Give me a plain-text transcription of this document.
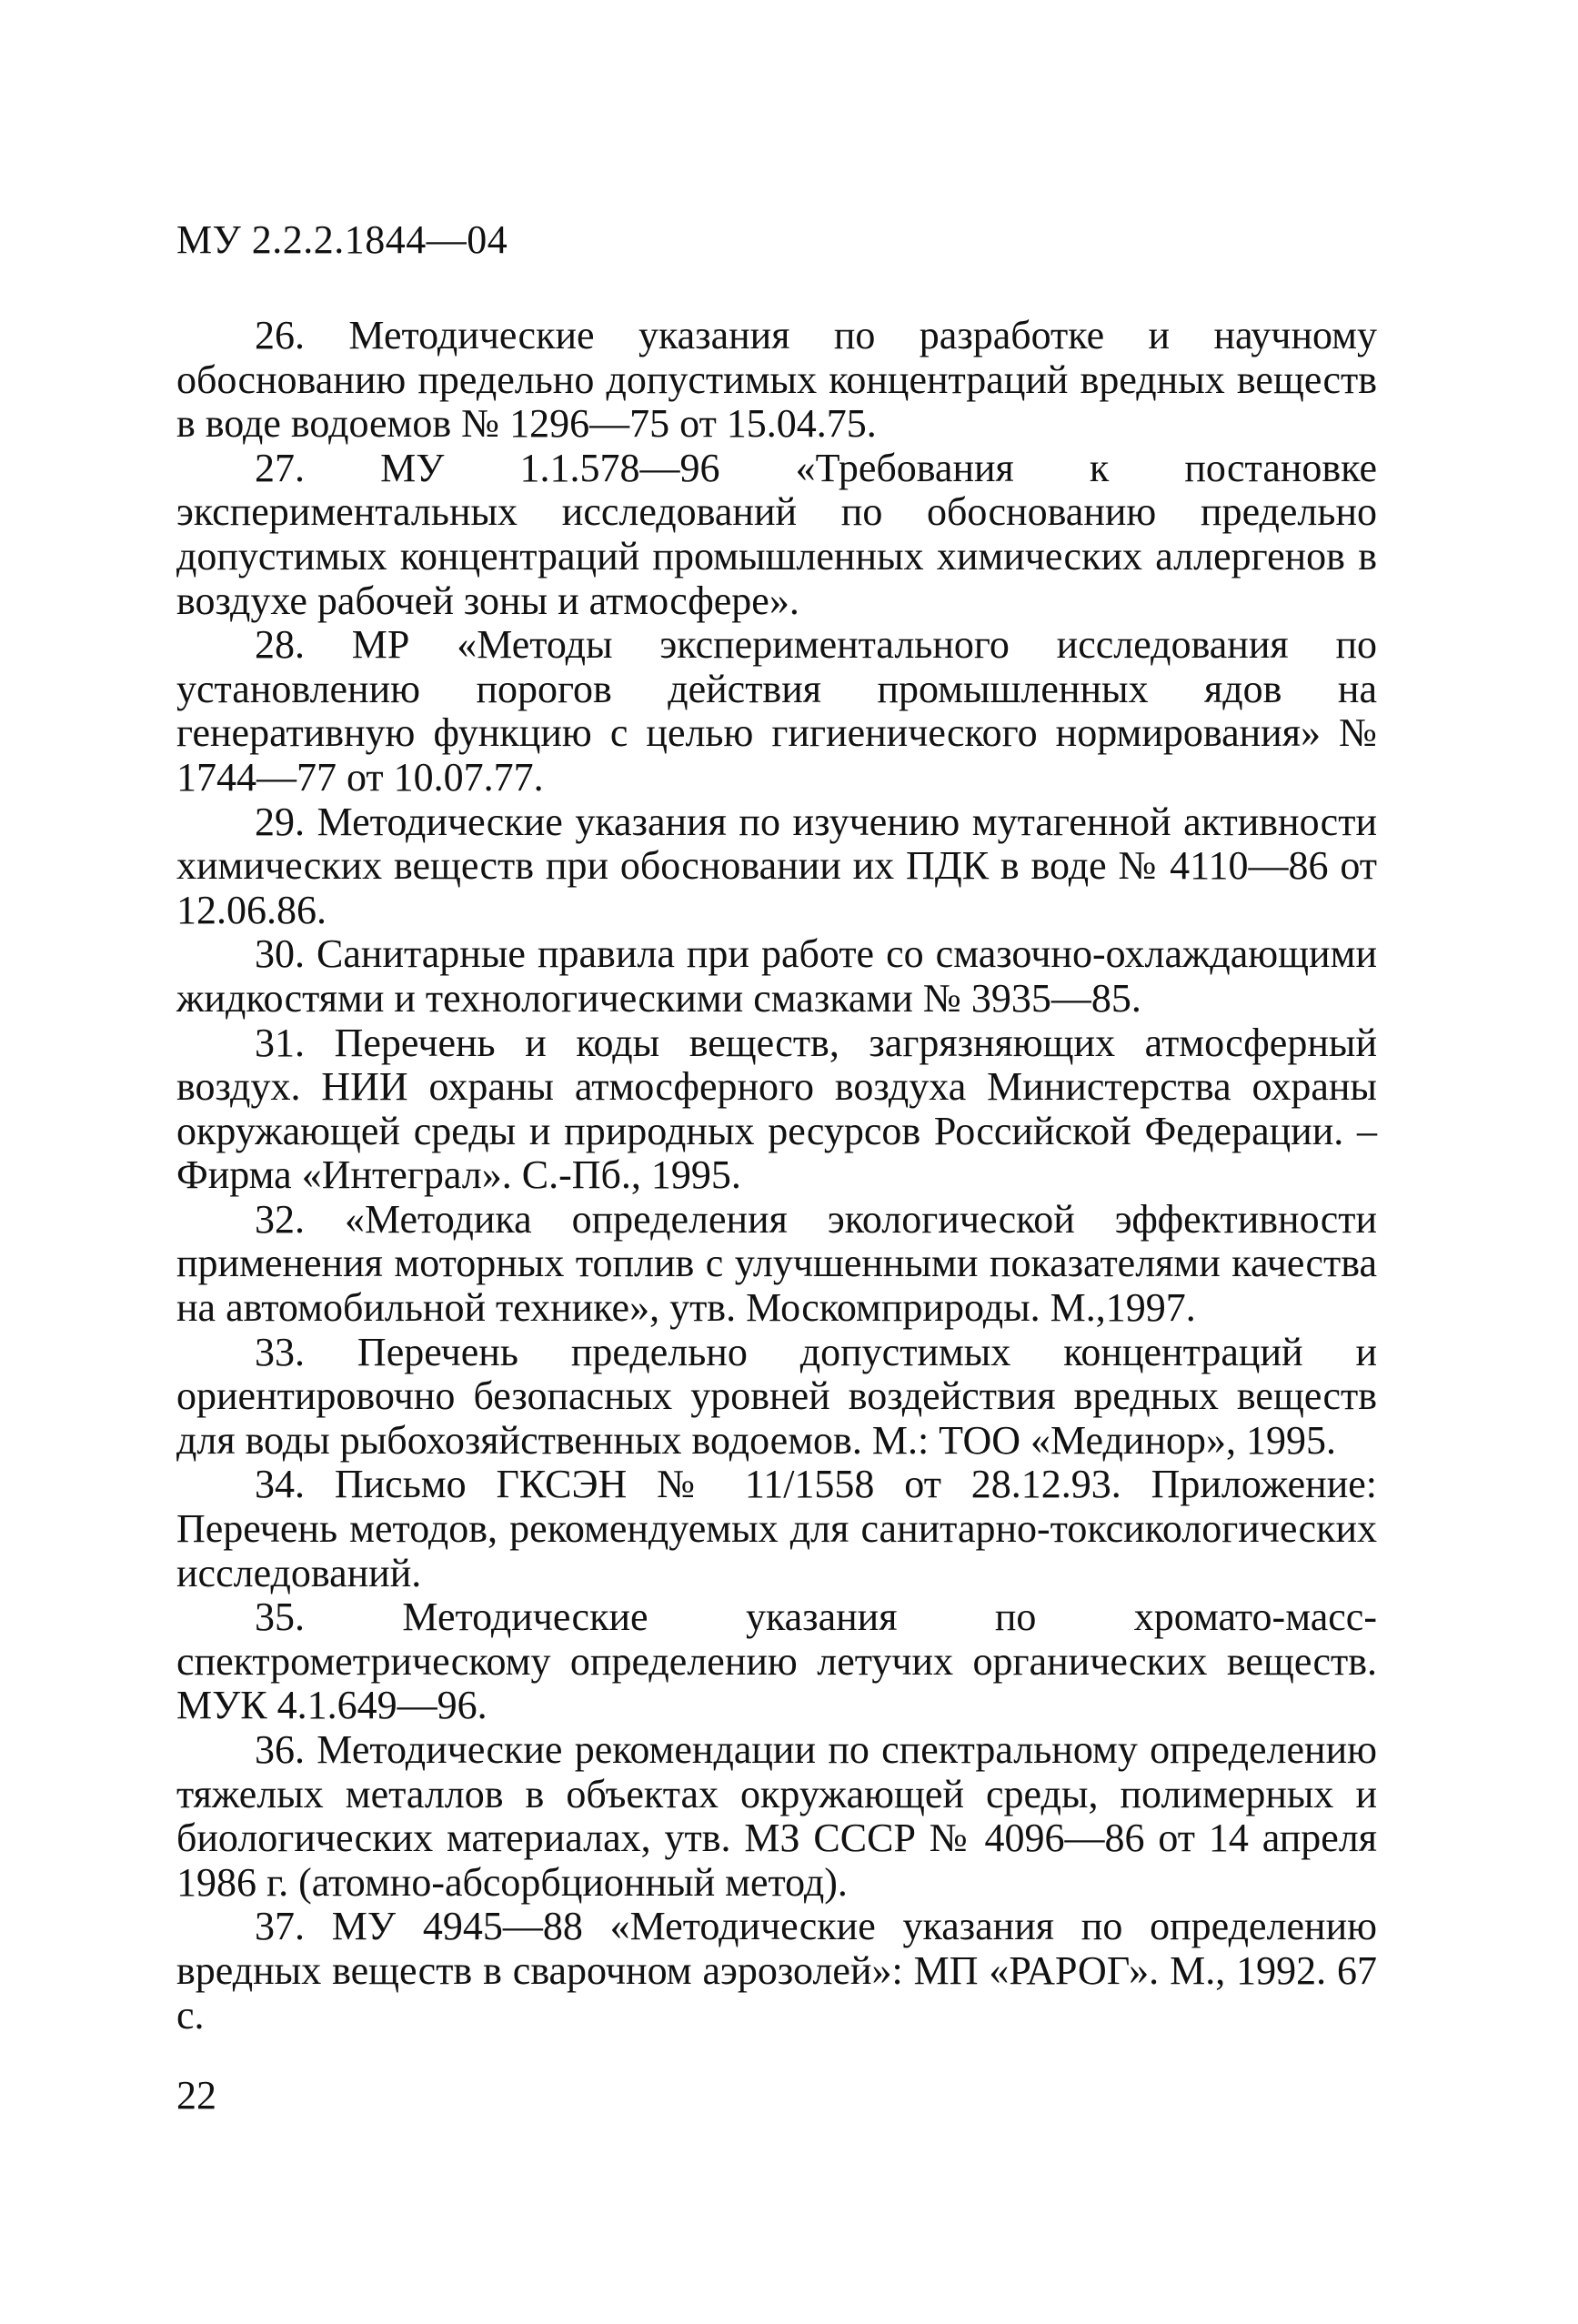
МУ 2.2.2.1844—04

26. Методические указания по разработке и научному обоснованию предельно допустимых концентраций вредных веществ в воде водоемов № 1296—75 от 15.04.75.

27. МУ 1.1.578—96 «Требования к постановке экспериментальных исследований по обоснованию предельно допустимых концентраций промышленных химических аллергенов в воздухе рабочей зоны и атмосфере».

28. МР «Методы экспериментального исследования по установлению порогов действия промышленных ядов на генеративную функцию с целью гигиенического нормирования» № 1744—77 от 10.07.77.

29. Методические указания по изучению мутагенной активности химических веществ при обосновании их ПДК в воде № 4110—86 от 12.06.86.

30. Санитарные правила при работе со смазочно-охлаждающими жидкостями и технологическими смазками № 3935—85.

31. Перечень и коды веществ, загрязняющих атмосферный воздух. НИИ охраны атмосферного воздуха Министерства охраны окружающей среды и природных ресурсов Российской Федерации. – Фирма «Интеграл». С.-Пб., 1995.

32. «Методика определения экологической эффективности применения моторных топлив с улучшенными показателями качества на автомобильной технике», утв. Москомприроды. М.,1997.

33. Перечень предельно допустимых концентраций и ориентировочно безопасных уровней воздействия вредных веществ для воды рыбохозяйственных водоемов. М.: ТОО «Мединор», 1995.

34. Письмо ГКСЭН № 11/1558 от 28.12.93. Приложение: Перечень методов, рекомендуемых для санитарно-токсикологических исследований.

35. Методические указания по хромато-масс-спектрометрическому определению летучих органических веществ. МУК 4.1.649—96.

36. Методические рекомендации по спектральному определению тяжелых металлов в объектах окружающей среды, полимерных и биологических материалах, утв. МЗ СССР № 4096—86 от 14 апреля 1986 г. (атомно-абсорбционный метод).

37. МУ 4945—88 «Методические указания по определению вредных веществ в сварочном аэрозолей»: МП «РАРОГ». М., 1992. 67 с.

22
